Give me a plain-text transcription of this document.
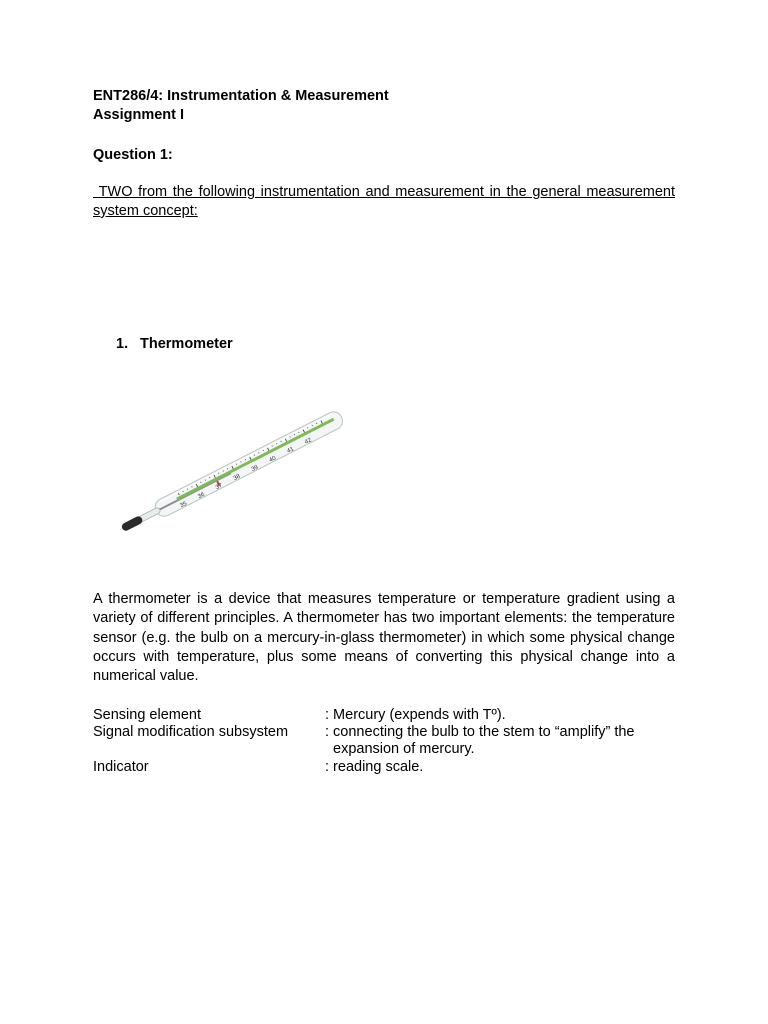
ENT286/4: Instrumentation & Measurement
Assignment I
Question 1:
TWO from the following instrumentation and measurement in the general measurement system concept:
1. Thermometer
35
36
37
38
39
40
41
42
A thermometer is a device that measures temperature or temperature gradient using a variety of different principles. A thermometer has two important elements: the temperature sensor (e.g. the bulb on a mercury-in-glass thermometer) in which some physical change occurs with temperature, plus some means of converting this physical change into a numerical value.
Sensing element	: Mercury (expends with Tº).
Signal modification subsystem	: connecting the bulb to the stem to “amplify” the
expansion of mercury.
Indicator	: reading scale.
